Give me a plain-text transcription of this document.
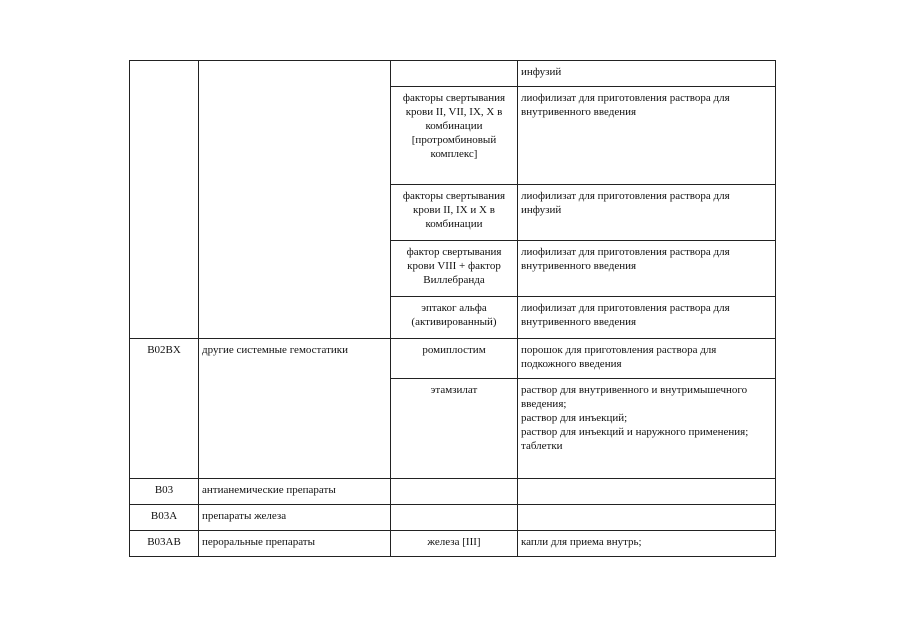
			инфузий

		факторы свертывания крови II, VII, IX, X в комбинации [протромбиновый комплекс]	лиофилизат для приготовления раствора для внутривенного введения

		факторы свертывания крови II, IX и X в комбинации	лиофилизат для приготовления раствора для инфузий

		фактор свертывания крови VIII + фактор Виллебранда	лиофилизат для приготовления раствора для внутривенного введения

		эптаког альфа (активированный)	лиофилизат для приготовления раствора для внутривенного введения

B02BX	другие системные гемостатики	ромиплостим	порошок для приготовления раствора для подкожного введения

		этамзилат	раствор для внутривенного и внутримышечного введения;
раствор для инъекций;
раствор для инъекций и наружного применения;
таблетки

B03	антианемические препараты		

B03A	препараты железа		

B03AB	пероральные препараты	железа [III]	капли для приема внутрь;
